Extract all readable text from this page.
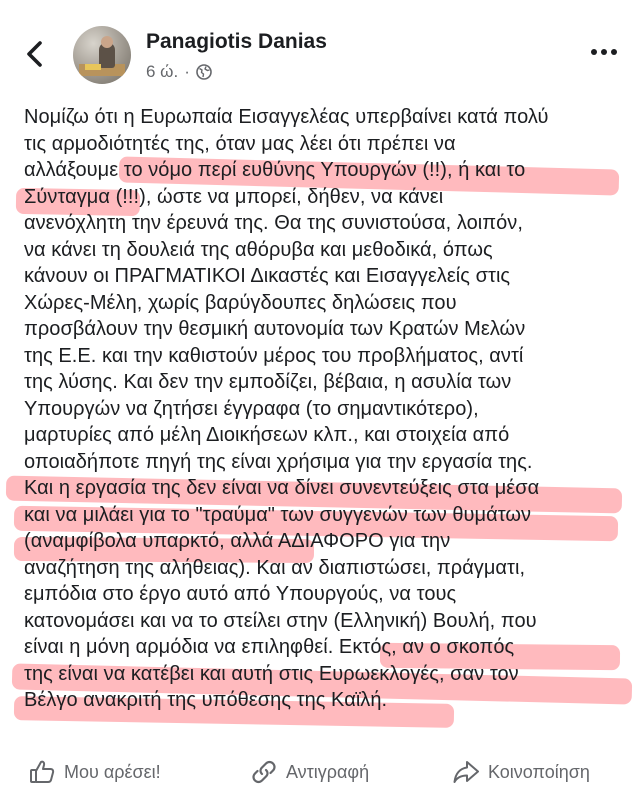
Panagiotis Danias
6 ώ. ·

Νομίζω ότι η Ευρωπαία Εισαγγελέας υπερβαίνει κατά πολύ
τις αρμοδιότητές της, όταν μας λέει ότι πρέπει να
αλλάξουμε το νόμο περί ευθύνης Υπουργών (!!), ή και το
Σύνταγμα (!!!), ώστε να μπορεί, δήθεν, να κάνει
ανενόχλητη την έρευνά της. Θα της συνιστούσα, λοιπόν,
να κάνει τη δουλειά της αθόρυβα και μεθοδικά, όπως
κάνουν οι ΠΡΑΓΜΑΤΙΚΟΙ Δικαστές και Εισαγγελείς στις
Χώρες-Μέλη, χωρίς βαρύγδουπες δηλώσεις που
προσβάλουν την θεσμική αυτονομία των Κρατών Μελών
της Ε.Ε. και την καθιστούν μέρος του προβλήματος, αντί
της λύσης. Και δεν την εμποδίζει, βέβαια, η ασυλία των
Υπουργών να ζητήσει έγγραφα (το σημαντικότερο),
μαρτυρίες από μέλη Διοικήσεων κλπ., και στοιχεία από
οποιαδήποτε πηγή της είναι χρήσιμα για την εργασία της.
Και η εργασία της δεν είναι να δίνει συνεντεύξεις στα μέσα
και να μιλάει για το "τραύμα" των συγγενών των θυμάτων
(αναμφίβολα υπαρκτό, αλλά ΑΔΙΑΦΟΡΟ για την
αναζήτηση της αλήθειας). Και αν διαπιστώσει, πράγματι,
εμπόδια στο έργο αυτό από Υπουργούς, να τους
κατονομάσει και να το στείλει στην (Ελληνική) Βουλή, που
είναι η μόνη αρμόδια να επιληφθεί. Εκτός, αν ο σκοπός
της είναι να κατέβει και αυτή στις Ευρωεκλογές, σαν τον
Βέλγο ανακριτή της υπόθεσης της Καϊλή.

Μου αρέσει!	Αντιγραφή	Κοινοποίηση
